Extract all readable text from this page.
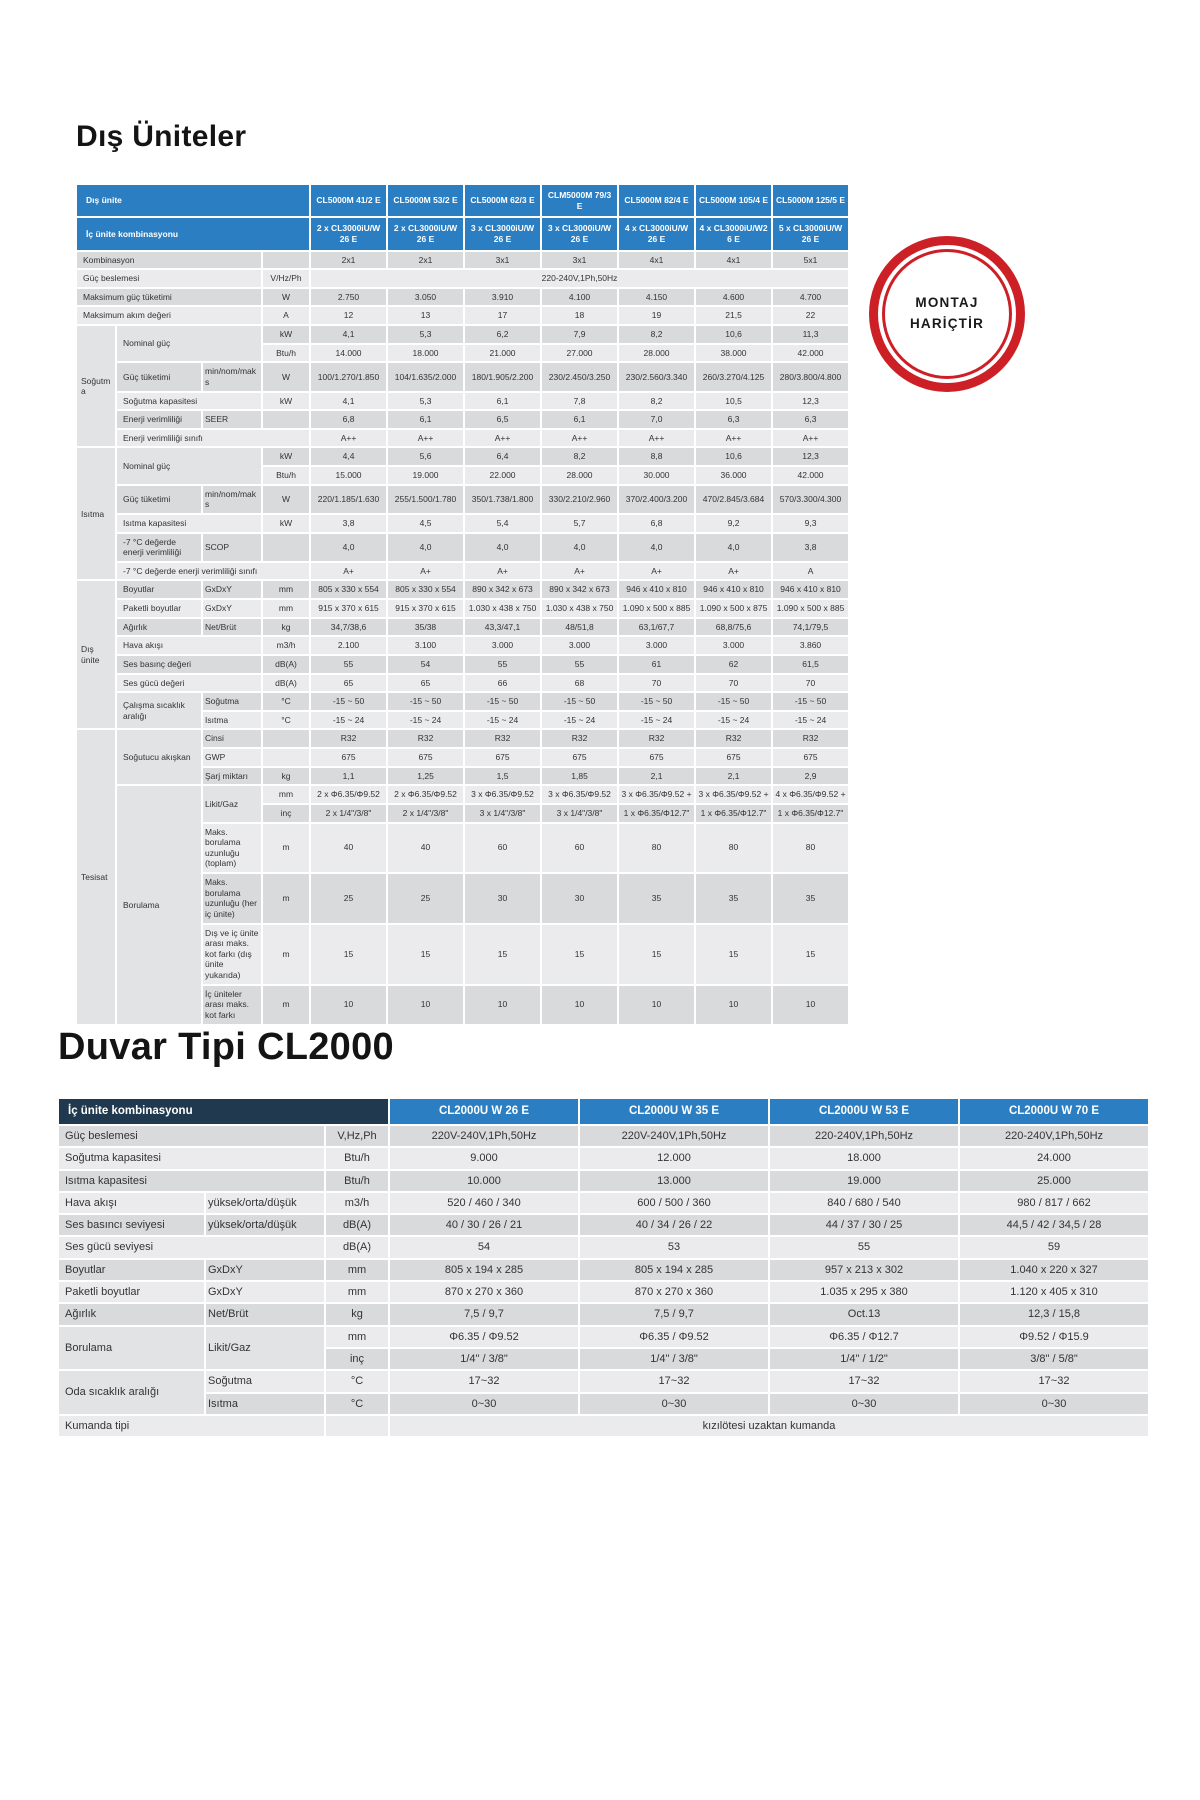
Dış Üniteler
Dış ünite				CL5000M 41/2 E	CL5000M 53/2 E	CL5000M 62/3 E	CLM5000M 79/3 E	CL5000M 82/4 E	CL5000M 105/4 E	CL5000M 125/5 E
İç ünite kombinasyonu				2 x CL3000iU/W 26 E	2 x CL3000iU/W 26 E	3 x CL3000iU/W 26 E	3 x CL3000iU/W 26 E	4 x CL3000iU/W 26 E	4 x CL3000iU/W2 6 E	5 x CL3000iU/W 26 E
Kombinasyon				2x1	2x1	3x1	3x1	4x1	4x1	5x1
Güç beslemesi			V/Hz/Ph	220-240V,1Ph,50Hz						
Maksimum güç tüketimi			W	2.750	3.050	3.910	4.100	4.150	4.600	4.700
Maksimum akım değeri			A	12	13	17	18	19	21,5	22
Soğutma	Nominal güç		kW	4,1	5,3	6,2	7,9	8,2	10,6	11,3
			Btu/h	14.000	18.000	21.000	27.000	28.000	38.000	42.000
	Güç tüketimi	min/nom/maks	W	100/1.270/1.850	104/1.635/2.000	180/1.905/2.200	230/2.450/3.250	230/2.560/3.340	260/3.270/4.125	280/3.800/4.800
	Soğutma kapasitesi		kW	4,1	5,3	6,1	7,8	8,2	10,5	12,3
	Enerji verimliliği	SEER		6,8	6,1	6,5	6,1	7,0	6,3	6,3
	Enerji verimliliği sınıfı			A++	A++	A++	A++	A++	A++	A++
Isıtma	Nominal güç		kW	4,4	5,6	6,4	8,2	8,8	10,6	12,3
			Btu/h	15.000	19.000	22.000	28.000	30.000	36.000	42.000
	Güç tüketimi	min/nom/maks	W	220/1.185/1.630	255/1.500/1.780	350/1.738/1.800	330/2.210/2.960	370/2.400/3.200	470/2.845/3.684	570/3.300/4.300
	Isıtma kapasitesi		kW	3,8	4,5	5,4	5,7	6,8	9,2	9,3
	-7 °C değerde enerji verimliliği	SCOP		4,0	4,0	4,0	4,0	4,0	4,0	3,8
	-7 °C değerde enerji verimliliği sınıfı			A+	A+	A+	A+	A+	A+	A
Dış ünite	Boyutlar	GxDxY	mm	805 x 330 x 554	805 x 330 x 554	890 x 342 x 673	890 x 342 x 673	946 x 410 x 810	946 x 410 x 810	946 x 410 x 810
	Paketli boyutlar	GxDxY	mm	915 x 370 x 615	915 x 370 x 615	1.030 x 438 x 750	1.030 x 438 x 750	1.090 x 500 x 885	1.090 x 500 x 875	1.090 x 500 x 885
	Ağırlık	Net/Brüt	kg	34,7/38,6	35/38	43,3/47,1	48/51,8	63,1/67,7	68,8/75,6	74,1/79,5
	Hava akışı		m3/h	2.100	3.100	3.000	3.000	3.000	3.000	3.860
	Ses basınç değeri		dB(A)	55	54	55	55	61	62	61,5
	Ses gücü değeri		dB(A)	65	65	66	68	70	70	70
	Çalışma sıcaklık aralığı	Soğutma	°C	-15 ~ 50	-15 ~ 50	-15 ~ 50	-15 ~ 50	-15 ~ 50	-15 ~ 50	-15 ~ 50
		Isıtma	°C	-15 ~ 24	-15 ~ 24	-15 ~ 24	-15 ~ 24	-15 ~ 24	-15 ~ 24	-15 ~ 24
Tesisat	Soğutucu akışkan	Cinsi		R32	R32	R32	R32	R32	R32	R32
		GWP		675	675	675	675	675	675	675
		Şarj miktarı	kg	1,1	1,25	1,5	1,85	2,1	2,1	2,9
	Borulama	Likit/Gaz	mm	2 x Φ6.35/Φ9.52	2 x Φ6.35/Φ9.52	3 x Φ6.35/Φ9.52	3 x Φ6.35/Φ9.52	3 x Φ6.35/Φ9.52 +	3 x Φ6.35/Φ9.52 +	4 x Φ6.35/Φ9.52 +
			inç	2 x 1/4"/3/8"	2 x 1/4"/3/8"	3 x 1/4"/3/8"	3 x 1/4"/3/8"	1 x Φ6.35/Φ12.7"	1 x Φ6.35/Φ12.7"	1 x Φ6.35/Φ12.7"
		Maks. borulama uzunluğu (toplam)	m	40	40	60	60	80	80	80
		Maks. borulama uzunluğu (her iç ünite)	m	25	25	30	30	35	35	35
		Dış ve iç ünite arası maks. kot farkı (dış ünite yukarıda)	m	15	15	15	15	15	15	15
		İç üniteler arası maks. kot farkı	m	10	10	10	10	10	10	10
MONTAJ
HARİÇTİR
Duvar Tipi CL2000
İç ünite kombinasyonu			CL2000U W 26 E	CL2000U W 35 E	CL2000U W 53 E	CL2000U W 70 E
Güç beslemesi		V,Hz,Ph	220V-240V,1Ph,50Hz	220V-240V,1Ph,50Hz	220-240V,1Ph,50Hz	220-240V,1Ph,50Hz
Soğutma kapasitesi		Btu/h	9.000	12.000	18.000	24.000
Isıtma kapasitesi		Btu/h	10.000	13.000	19.000	25.000
Hava akışı	yüksek/orta/düşük	m3/h	520 / 460 / 340	600 / 500 / 360	840 / 680 / 540	980 / 817 / 662
Ses basıncı seviyesi	yüksek/orta/düşük	dB(A)	40 / 30 / 26 / 21	40 / 34 / 26 / 22	44 / 37 / 30 / 25	44,5 / 42 / 34,5 / 28
Ses gücü seviyesi		dB(A)	54	53	55	59
Boyutlar	GxDxY	mm	805 x 194 x 285	805 x 194 x 285	957 x 213 x 302	1.040 x 220 x 327
Paketli boyutlar	GxDxY	mm	870 x 270 x 360	870 x 270 x 360	1.035 x 295 x 380	1.120 x 405 x 310
Ağırlık	Net/Brüt	kg	7,5 / 9,7	7,5 / 9,7	Oct.13	12,3 / 15,8
Borulama	Likit/Gaz	mm	Φ6.35 / Φ9.52	Φ6.35 / Φ9.52	Φ6.35 / Φ12.7	Φ9.52 / Φ15.9
		inç	1/4" / 3/8"	1/4" / 3/8"	1/4" / 1/2"	3/8" / 5/8"
Oda sıcaklık aralığı	Soğutma	°C	17~32	17~32	17~32	17~32
	Isıtma	°C	0~30	0~30	0~30	0~30
Kumanda tipi			kızılötesi uzaktan kumanda			
